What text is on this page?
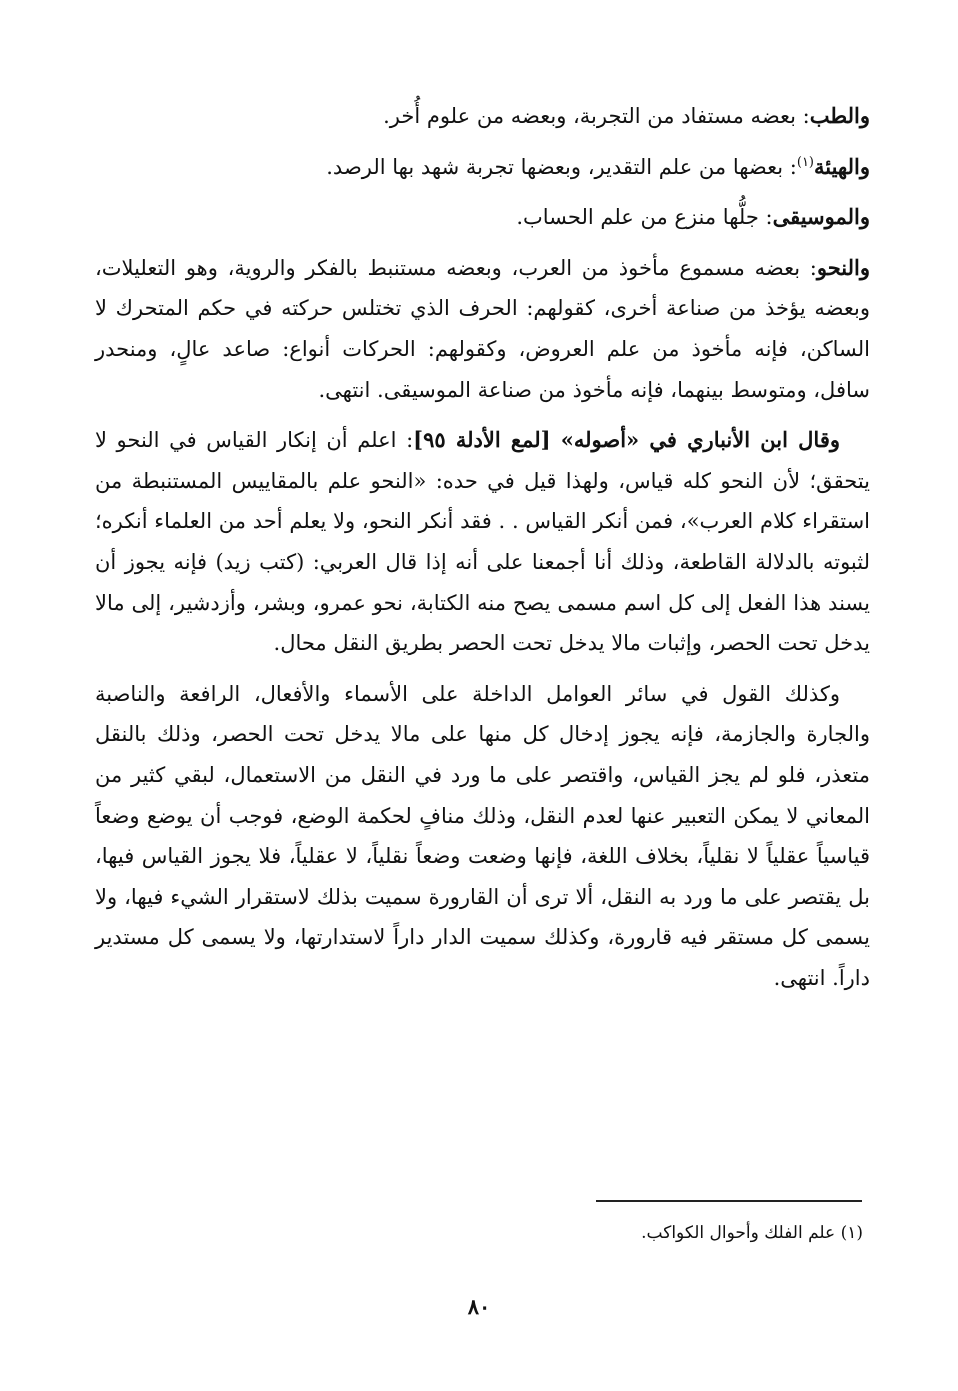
والطب: بعضه مستفاد من التجربة، وبعضه من علوم أُخر.

والهيئة$^{(١)}$: بعضها من علم التقدير، وبعضها تجربة شهد بها الرصد.

والموسيقى: جلُّها منزع من علم الحساب.

والنحو: بعضه مسموع مأخوذ من العرب، وبعضه مستنبط بالفكر والروية، وهو التعليلات، وبعضه يؤخذ من صناعة أخرى، كقولهم: الحرف الذي تختلس حركته في حكم المتحرك لا الساكن، فإنه مأخوذ من علم العروض، وكقولهم: الحركات أنواع: صاعد عالٍ، ومنحدر سافل، ومتوسط بينهما، فإنه مأخوذ من صناعة الموسيقى. انتهى.

وقال ابن الأنباري في «أصوله» [لمع الأدلة ٩٥]: اعلم أن إنكار القياس في النحو لا يتحقق؛ لأن النحو كله قياس، ولهذا قيل في حده: «النحو علم بالمقاييس المستنبطة من استقراء كلام العرب»، فمن أنكر القياس . . فقد أنكر النحو، ولا يعلم أحد من العلماء أنكره؛ لثبوته بالدلالة القاطعة، وذلك أنا أجمعنا على أنه إذا قال العربي: (كتب زيد) فإنه يجوز أن يسند هذا الفعل إلى كل اسم مسمى يصح منه الكتابة، نحو عمرو، وبشر، وأزدشير، إلى مالا يدخل تحت الحصر، وإثبات مالا يدخل تحت الحصر بطريق النقل محال.

وكذلك القول في سائر العوامل الداخلة على الأسماء والأفعال، الرافعة والناصبة والجارة والجازمة، فإنه يجوز إدخال كل منها على مالا يدخل تحت الحصر، وذلك بالنقل متعذر، فلو لم يجز القياس، واقتصر على ما ورد في النقل من الاستعمال، لبقي كثير من المعاني لا يمكن التعبير عنها لعدم النقل، وذلك منافٍ لحكمة الوضع، فوجب أن يوضع وضعاً قياسياً عقلياً لا نقلياً، بخلاف اللغة، فإنها وضعت وضعاً نقلياً، لا عقلياً، فلا يجوز القياس فيها، بل يقتصر على ما ورد به النقل، ألا ترى أن القارورة سميت بذلك لاستقرار الشيء فيها، ولا يسمى كل مستقر فيه قارورة، وكذلك سميت الدار داراً لاستدارتها، ولا يسمى كل مستدير داراً. انتهى.

(١) علم الفلك وأحوال الكواكب.
٨٠
